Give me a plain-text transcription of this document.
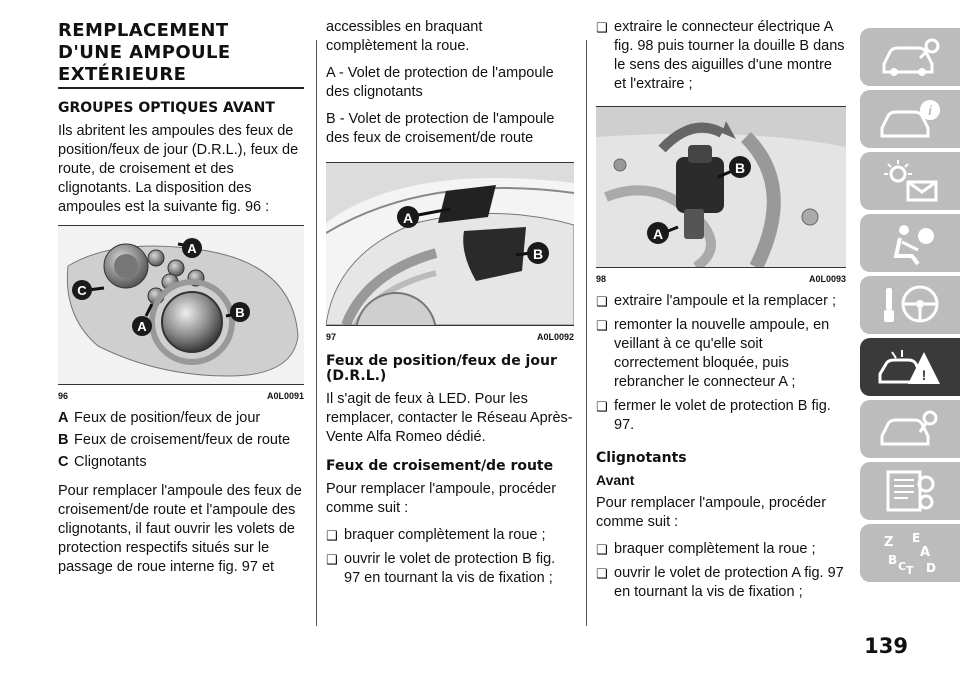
REMPLACEMENT
D'UNE AMPOULE
EXTÉRIEURE
GROUPES OPTIQUES AVANT

Ils abritent les ampoules des feux de position/feux de jour (D.R.L.), feux de route, de croisement et des clignotants. La disposition des ampoules est la suivante fig. 96 :

A
B
C
A
96	A0L0091
A Feux de position/feux de jour
B Feux de croisement/feux de route
C Clignotants

Pour remplacer l'ampoule des feux de croisement/de route et l'ampoule des clignotants, il faut ouvrir les volets de protection respectifs situés sur le passage de roue interne fig. 97 et

accessibles en braquant complètement la roue.

A - Volet de protection de l'ampoule des clignotants

B - Volet de protection de l'ampoule des feux de croisement/de route

A
B
97	A0L0092
Feux de position/feux de jour (D.R.L.)

Il s'agit de feux à LED. Pour les remplacer, contacter le Réseau Après-Vente Alfa Romeo dédié.

Feux de croisement/de route

Pour remplacer l'ampoule, procéder comme suit :

❑ braquer complètement la roue ;
❑ ouvrir le volet de protection B fig. 97 en tournant la vis de fixation ;
❑ extraire le connecteur électrique A fig. 98 puis tourner la douille B dans le sens des aiguilles d'une montre et l'extraire ;
B
A
98	A0L0093
❑ extraire l'ampoule et la remplacer ;
❑ remonter la nouvelle ampoule, en veillant à ce qu'elle soit correctement bloquée, puis rebrancher le connecteur A ;
❑ fermer le volet de protection B fig. 97.
Clignotants
Avant

Pour remplacer l'ampoule, procéder comme suit :

❑ braquer complètement la roue ;
❑ ouvrir le volet de protection A fig. 97 en tournant la vis de fixation ;
i
!
Z E
A
B C T D
139
